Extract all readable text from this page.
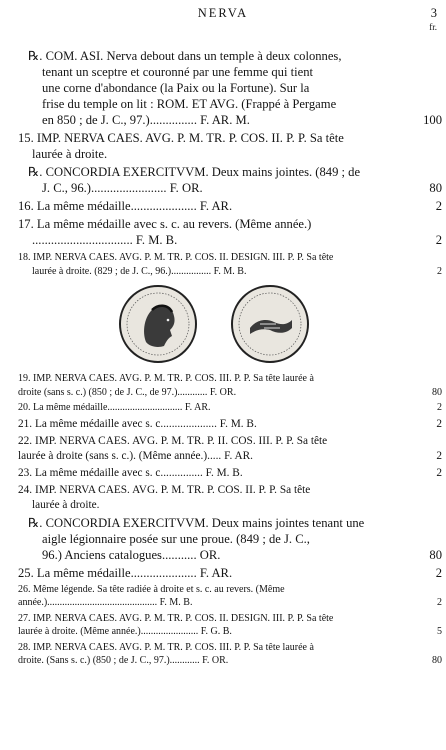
NERVA	3
fr.
℞. COM. ASI. Nerva debout dans un temple à deux colonnes,
tenant un sceptre et couronné par une femme qui tient
une corne d'abondance (la Paix ou la Fortune). Sur la
frise du temple on lit : ROM. ET AVG. (Frappé à Pergame
en 850 ; de J. C., 97.)............... F. AR. M.	100
15. IMP. NERVA CAES. AVG. P. M. TR. P. COS. II. P. P. Sa tête
laurée à droite.
℞. CONCORDIA EXERCITVVM. Deux mains jointes. (849 ; de
J. C., 96.)........................ F. OR.	80
16. La même médaille..................... F. AR.	2
17. La même médaille avec s. c. au revers. (Même année.)
................................ F. M. B.	2
18. IMP. NERVA CAES. AVG. P. M. TR. P. COS. II. DESIGN. III. P. P. Sa tête
laurée à droite. (829 ; de J. C., 96.)................ F. M. B.	2
19. IMP. NERVA CAES. AVG. P. M. TR. P. COS. III. P. P. Sa tête laurée à
droite (sans s. c.) (850 ; de J. C., de 97.)............ F. OR.	80
20. La même médaille.............................. F. AR.	2
21. La même médaille avec s. c.................... F. M. B.	2
22. IMP. NERVA CAES. AVG. P. M. TR. P. II. COS. III. P. P. Sa tête
laurée à droite (sans s. c.). (Même année.)..... F. AR.	2
23. La même médaille avec s. c............... F. M. B.	2
24. IMP. NERVA CAES. AVG. P. M. TR. P. COS. II. P. P. Sa tête
laurée à droite.
℞. CONCORDIA EXERCITVVM. Deux mains jointes tenant une
aigle légionnaire posée sur une proue. (849 ; de J. C.,
96.) Anciens catalogues........... OR.	80
25. La même médaille..................... F. AR.	2
26. Même légende. Sa tête radiée à droite et s. c. au revers. (Même
année.)............................................ F. M. B.	2
27. IMP. NERVA CAES. AVG. P. M. TR. P. COS. II. DESIGN. III. P. P. Sa tête
laurée à droite. (Même année.)....................... F. G. B.	5
28. IMP. NERVA CAES. AVG. P. M. TR. P. COS. III. P. P. Sa tête laurée à
droite. (Sans s. c.) (850 ; de J. C., 97.)............ F. OR.	80
